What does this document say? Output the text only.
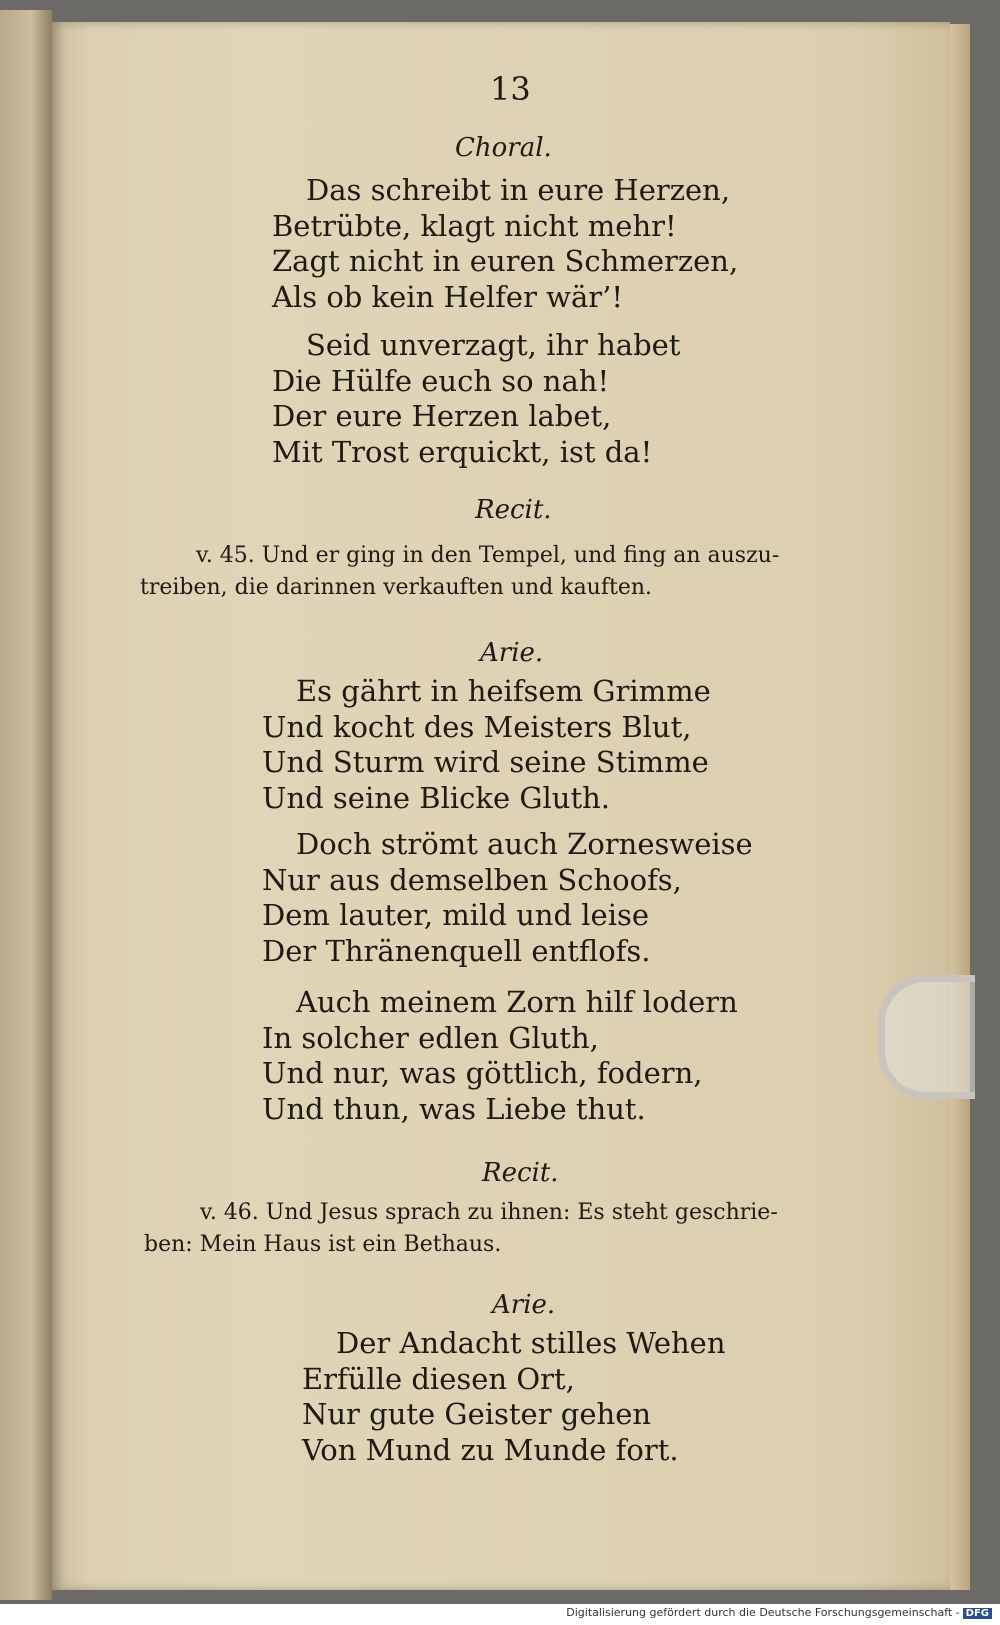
13
Choral.
Das schreibt in eure Herzen,
Betrübte, klagt nicht mehr!
Zagt nicht in euren Schmerzen,
Als ob kein Helfer wär’!
Seid unverzagt, ihr habet
Die Hülfe euch so nah!
Der eure Herzen labet,
Mit Trost erquickt, ist da!
Recit.
v. 45. Und er ging in den Tempel, und fing an auszu-
treiben, die darinnen verkauften und kauften.
Arie.
Es gährt in heifsem Grimme
Und kocht des Meisters Blut,
Und Sturm wird seine Stimme
Und seine Blicke Gluth.
Doch strömt auch Zornesweise
Nur aus demselben Schoofs,
Dem lauter, mild und leise
Der Thränenquell entflofs.
Auch meinem Zorn hilf lodern
In solcher edlen Gluth,
Und nur, was göttlich, fodern,
Und thun, was Liebe thut.
Recit.
v. 46. Und Jesus sprach zu ihnen: Es steht geschrie-
ben: Mein Haus ist ein Bethaus.
Arie.
Der Andacht stilles Wehen
Erfülle diesen Ort,
Nur gute Geister gehen
Von Mund zu Munde fort.
Digitalisierung gefördert durch die Deutsche Forschungsgemeinschaft - DFG
